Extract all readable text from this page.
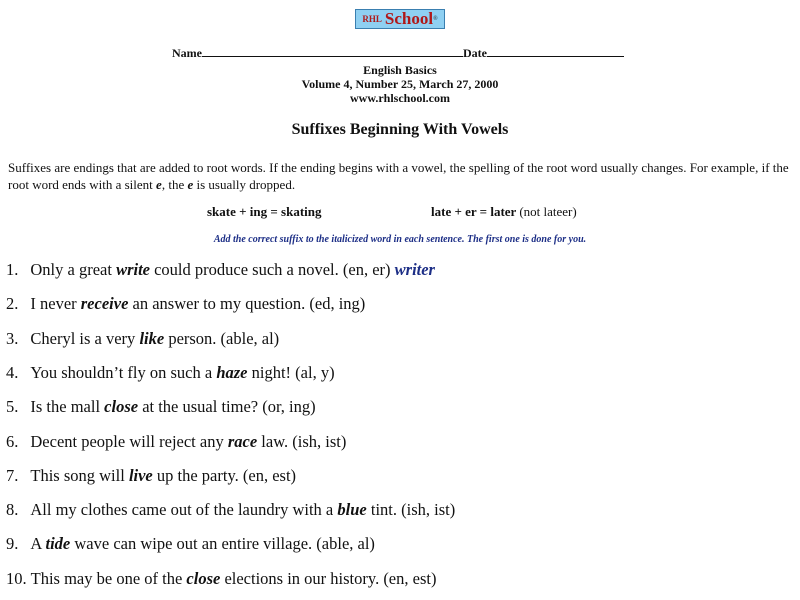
$^{RHL}$ School®
Name	Date
English Basics
Volume 4, Number 25, March 27, 2000
www.rhlschool.com
Suffixes Beginning With Vowels
Suffixes are endings that are added to root words. If the ending begins with a vowel, the spelling of the root word usually changes. For example, if the root word ends with a silent e, the e is usually dropped.
skate + ing = skating	late + er = later (not lateer)
Add the correct suffix to the italicized word in each sentence. The first one is done for you.
1. Only a great write could produce such a novel. (en, er) writer
2. I never receive an answer to my question. (ed, ing)
3. Cheryl is a very like person. (able, al)
4. You shouldn’t fly on such a haze night! (al, y)
5. Is the mall close at the usual time? (or, ing)
6. Decent people will reject any race law. (ish, ist)
7. This song will live up the party. (en, est)
8. All my clothes came out of the laundry with a blue tint. (ish, ist)
9. A tide wave can wipe out an entire village. (able, al)
10. This may be one of the close elections in our history. (en, est)
